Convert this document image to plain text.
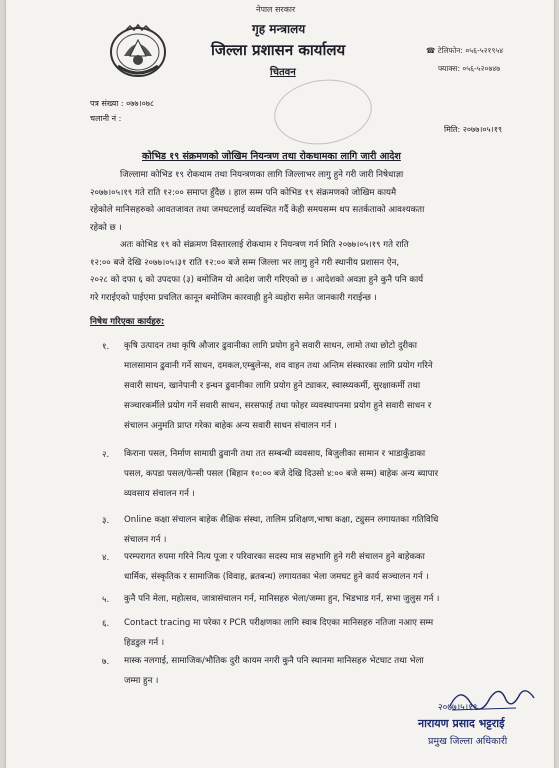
नेपाल सरकार
गृह मन्त्रालय
जिल्ला प्रशासन कार्यालय
चितवन
☎ टेलिफोन: ०५६-५२१९५४
फ्याक्स: ०५६-५२०७४७
पत्र संख्या : ०७७।०७८
चलानी नं :
मिति: २०७७।०५।१९
कोभिड १९ संक्रमणको जोखिम नियन्त्रण तथा रोकथामका लागि जारी आदेश
जिल्लामा कोभिड १९ रोकथाम तथा नियन्त्रणका लागि जिल्लाभर लागु हुने गरी जारी निषेधाज्ञा
२०७७।०५।१९ गते राति १२:०० समाप्त हुँदैछ । हाल सम्म पनि कोभिड १९ संक्रमणको जोखिम कायमै
रहेकोले मानिसहरुको आवतजावत तथा जमघटलाई व्यवस्थित गर्दै केही समयसम्म थप सतर्कताको आवश्यकता
रहेको छ ।
अतः कोभिड १९ को संक्रमण विस्तारलाई रोकथाम र नियन्त्रण गर्न मिति २०७७।०५।१९ गते राति
१२:०० बजे देखि २०७७।०५।३१ राति १२:०० बजे सम्म जिल्ला भर लागु हुने गरी स्थानीय प्रशासन ऐन,
२०२८ को दफा ६ को उपदफा (३) बमोजिम यो आदेश जारी गरिएको छ । आदेशको अवज्ञा हुने कुनै पनि कार्य
गरे गराईएको पाईएमा प्रचलित कानून बमोजिम कारवाही हुने व्यहोरा समेत जानकारी गराईन्छ ।
निषेध गरिएका कार्यहरु:
१. कृषि उत्पादन तथा कृषि औजार ढुवानीका लागि प्रयोग हुने सवारी साधन, लामो तथा छोटो दुरीका
मालसामान ढुवानी गर्ने साधन, दमकल,एम्बुलेन्स, शव वाहन तथा अन्तिम संस्कारका लागि प्रयोग गरिने
सवारी साधन, खानेपानी र इन्धन ढुवानीका लागि प्रयोग हुने ट्याकर, स्वास्थ्यकर्मी, सुरक्षाकर्मी तथा
सञ्चारकर्मीले प्रयोग गर्ने सवारी साधन, सरसफाई तथा फोहर व्यवस्थापनमा प्रयोग हुने सवारी साधन र
संचालन अनुमति प्राप्त गरेका बाहेक अन्य सवारी साधन संचालन गर्न ।
२. किराना पसल, निर्माण सामाग्री ढुवानी तथा तत सम्बन्धी व्यवसाय, बिजुलीका सामान र भाडाकुँडाका
पसल, कपडा पसल/फेन्सी पसल (बिहान १०:०० बजे देखि दिउसो ४:०० बजे सम्म) बाहेक अन्य ब्यापार
व्यवसाय संचालन गर्न ।
३. Online कक्षा संचालन बाहेक शैक्षिक संस्था, तालिम प्रशिक्षण,भाषा कक्षा, ट्युसन लगायतका गतिविधि
संचालन गर्न ।
४. परम्परागत रुपमा गरिने नित्य पूजा र परिवारका सदस्य मात्र सहभागि हुने गरी संचालन हुने बाहेकका
धार्मिक, संस्कृतिक र सामाजिक (विवाह, ब्रतबन्ध) लगायतका भेला जमघट हुने कार्य सञ्चालन गर्न ।
५. कुनै पनि मेला, महोत्सव, जात्रासंचालन गर्न, मानिसहरु भेला/जम्मा हुन, भिडभाड गर्न, सभा जुलुस गर्न ।
६. Contact tracing मा परेका र PCR परीक्षणका लागि स्वाब दिएका मानिसहरु नतिजा नआए सम्म
हिडडुल गर्न ।
७. मास्क नलगाई, सामाजिक/भौतिक दुरी कायम नगरी कुनै पनि स्थानमा मानिसहरु भेटघाट तथा भेला
जम्मा हुन ।
२०७७।५।१९
नारायण प्रसाद भट्टराई
प्रमुख जिल्ला अधिकारी
